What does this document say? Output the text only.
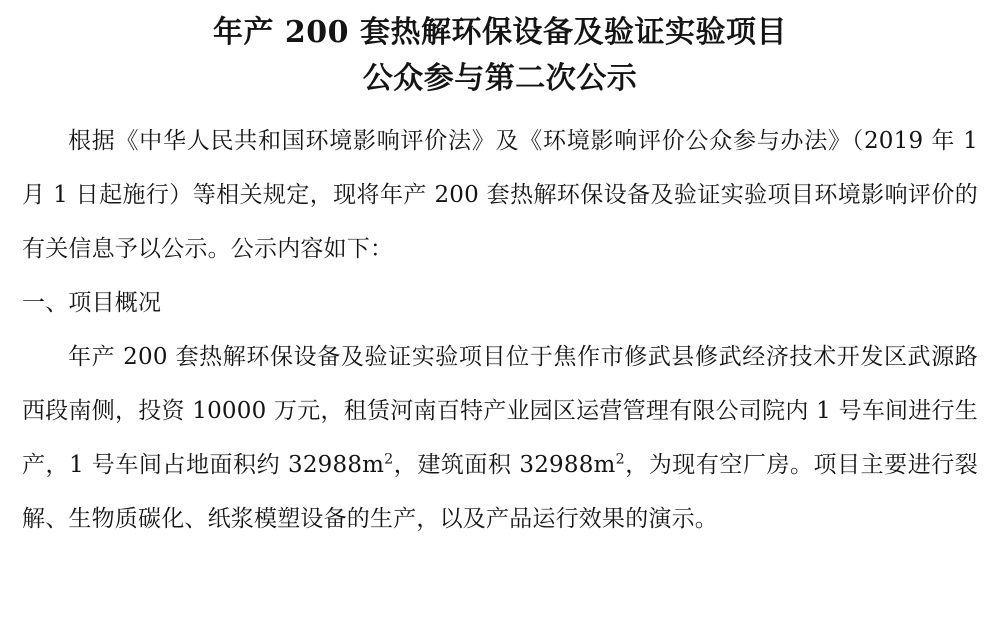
年产 200 套热解环保设备及验证实验项目
公众参与第二次公示

根据《中华人民共和国环境影响评价法》及《环境影响评价公众参与办法》（2019 年 1 月 1 日起施行）等相关规定，现将年产 200 套热解环保设备及验证实验项目环境影响评价的有关信息予以公示。公示内容如下：

一、项目概况

年产 200 套热解环保设备及验证实验项目位于焦作市修武县修武经济技术开发区武源路西段南侧，投资 10000 万元，租赁河南百特产业园区运营管理有限公司院内 1 号车间进行生产，1 号车间占地面积约 $32988m^2$，建筑面积 $32988m^2$，为现有空厂房。项目主要进行裂解、生物质碳化、纸浆模塑设备的生产，以及产品运行效果的演示。
